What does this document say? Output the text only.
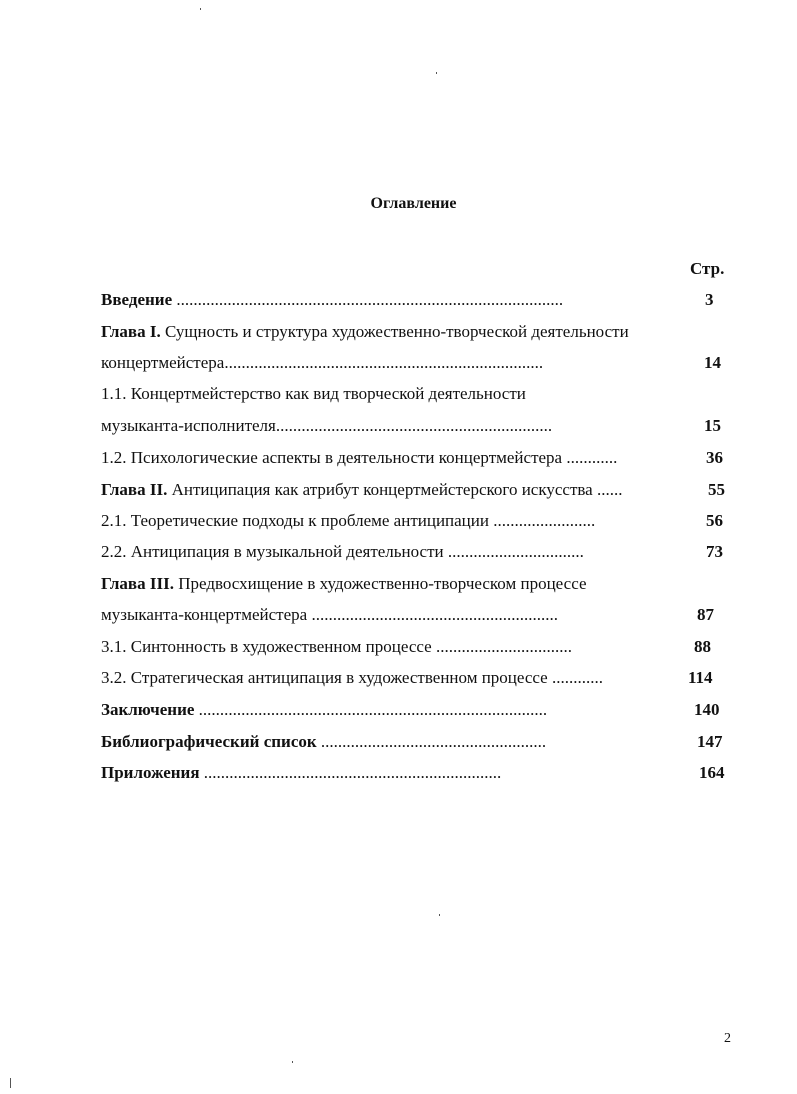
Оглавление
Стр.
Введение ...........................................................................................	3
Глава I. Сущность и структура художественно-творческой деятельности
концертмейстера...........................................................................	14
1.1. Концертмейстерство как вид творческой деятельности
музыканта-исполнителя.................................................................	15
1.2. Психологические аспекты в деятельности концертмейстера ............	36
Глава II. Антиципация как атрибут концертмейстерского искусства ......	55
2.1. Теоретические подходы к проблеме антиципации ........................	56
2.2. Антиципация в музыкальной деятельности ................................	73
Глава III. Предвосхищение в художественно-творческом процессе
музыканта-концертмейстера ..........................................................	87
3.1. Синтонность в художественном процессе ................................	88
3.2. Стратегическая антиципация в художественном процессе ............	114
Заключение ..................................................................................	140
Библиографический список .....................................................	147
Приложения ......................................................................	164
2
